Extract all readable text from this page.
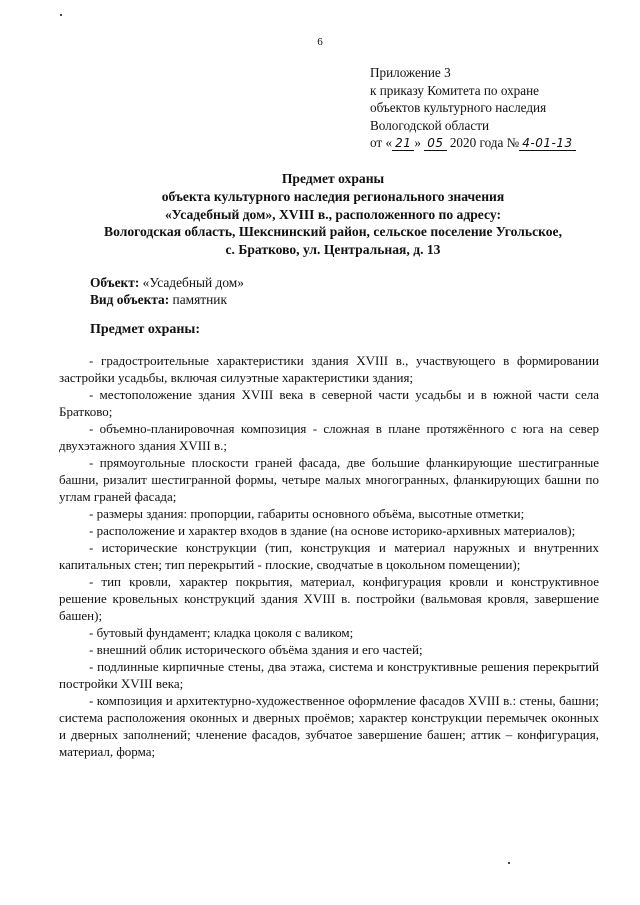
6
Приложение 3
к приказу Комитета по охране
объектов культурного наследия
Вологодской области
от « 21 » 05 2020 года № 4-01-13
Предмет охраны
объекта культурного наследия регионального значения
«Усадебный дом», XVIII в., расположенного по адресу:
Вологодская область, Шекснинский район, сельское поселение Угольское,
с. Братково, ул. Центральная, д. 13
Объект: «Усадебный дом»
Вид объекта: памятник
Предмет охраны:

- градостроительные характеристики здания XVIII в., участвующего в формировании застройки усадьбы, включая силуэтные характеристики здания;

- местоположение здания XVIII века в северной части усадьбы и в южной части села Братково;

- объемно-планировочная композиция - сложная в плане протяжённого с юга на север двухэтажного здания XVIII в.;

- прямоугольные плоскости граней фасада, две большие фланкирующие шестигранные башни, ризалит шестигранной формы, четыре малых многогранных, фланкирующих башни по углам граней фасада;

- размеры здания: пропорции, габариты основного объёма, высотные отметки;

- расположение и характер входов в здание (на основе историко-архивных материалов);

- исторические конструкции (тип, конструкция и материал наружных и внутренних капитальных стен; тип перекрытий - плоские, сводчатые в цокольном помещении);

- тип кровли, характер покрытия, материал, конфигурация кровли и конструктивное решение кровельных конструкций здания XVIII в. постройки (вальмовая кровля, завершение башен);

- бутовый фундамент; кладка цоколя с валиком;

- внешний облик исторического объёма здания и его частей;

- подлинные кирпичные стены, два этажа, система и конструктивные решения перекрытий постройки XVIII века;

- композиция и архитектурно-художественное оформление фасадов XVIII в.: стены, башни; система расположения оконных и дверных проёмов; характер конструкции перемычек оконных и дверных заполнений; членение фасадов, зубчатое завершение башен; аттик – конфигурация, материал, форма;
